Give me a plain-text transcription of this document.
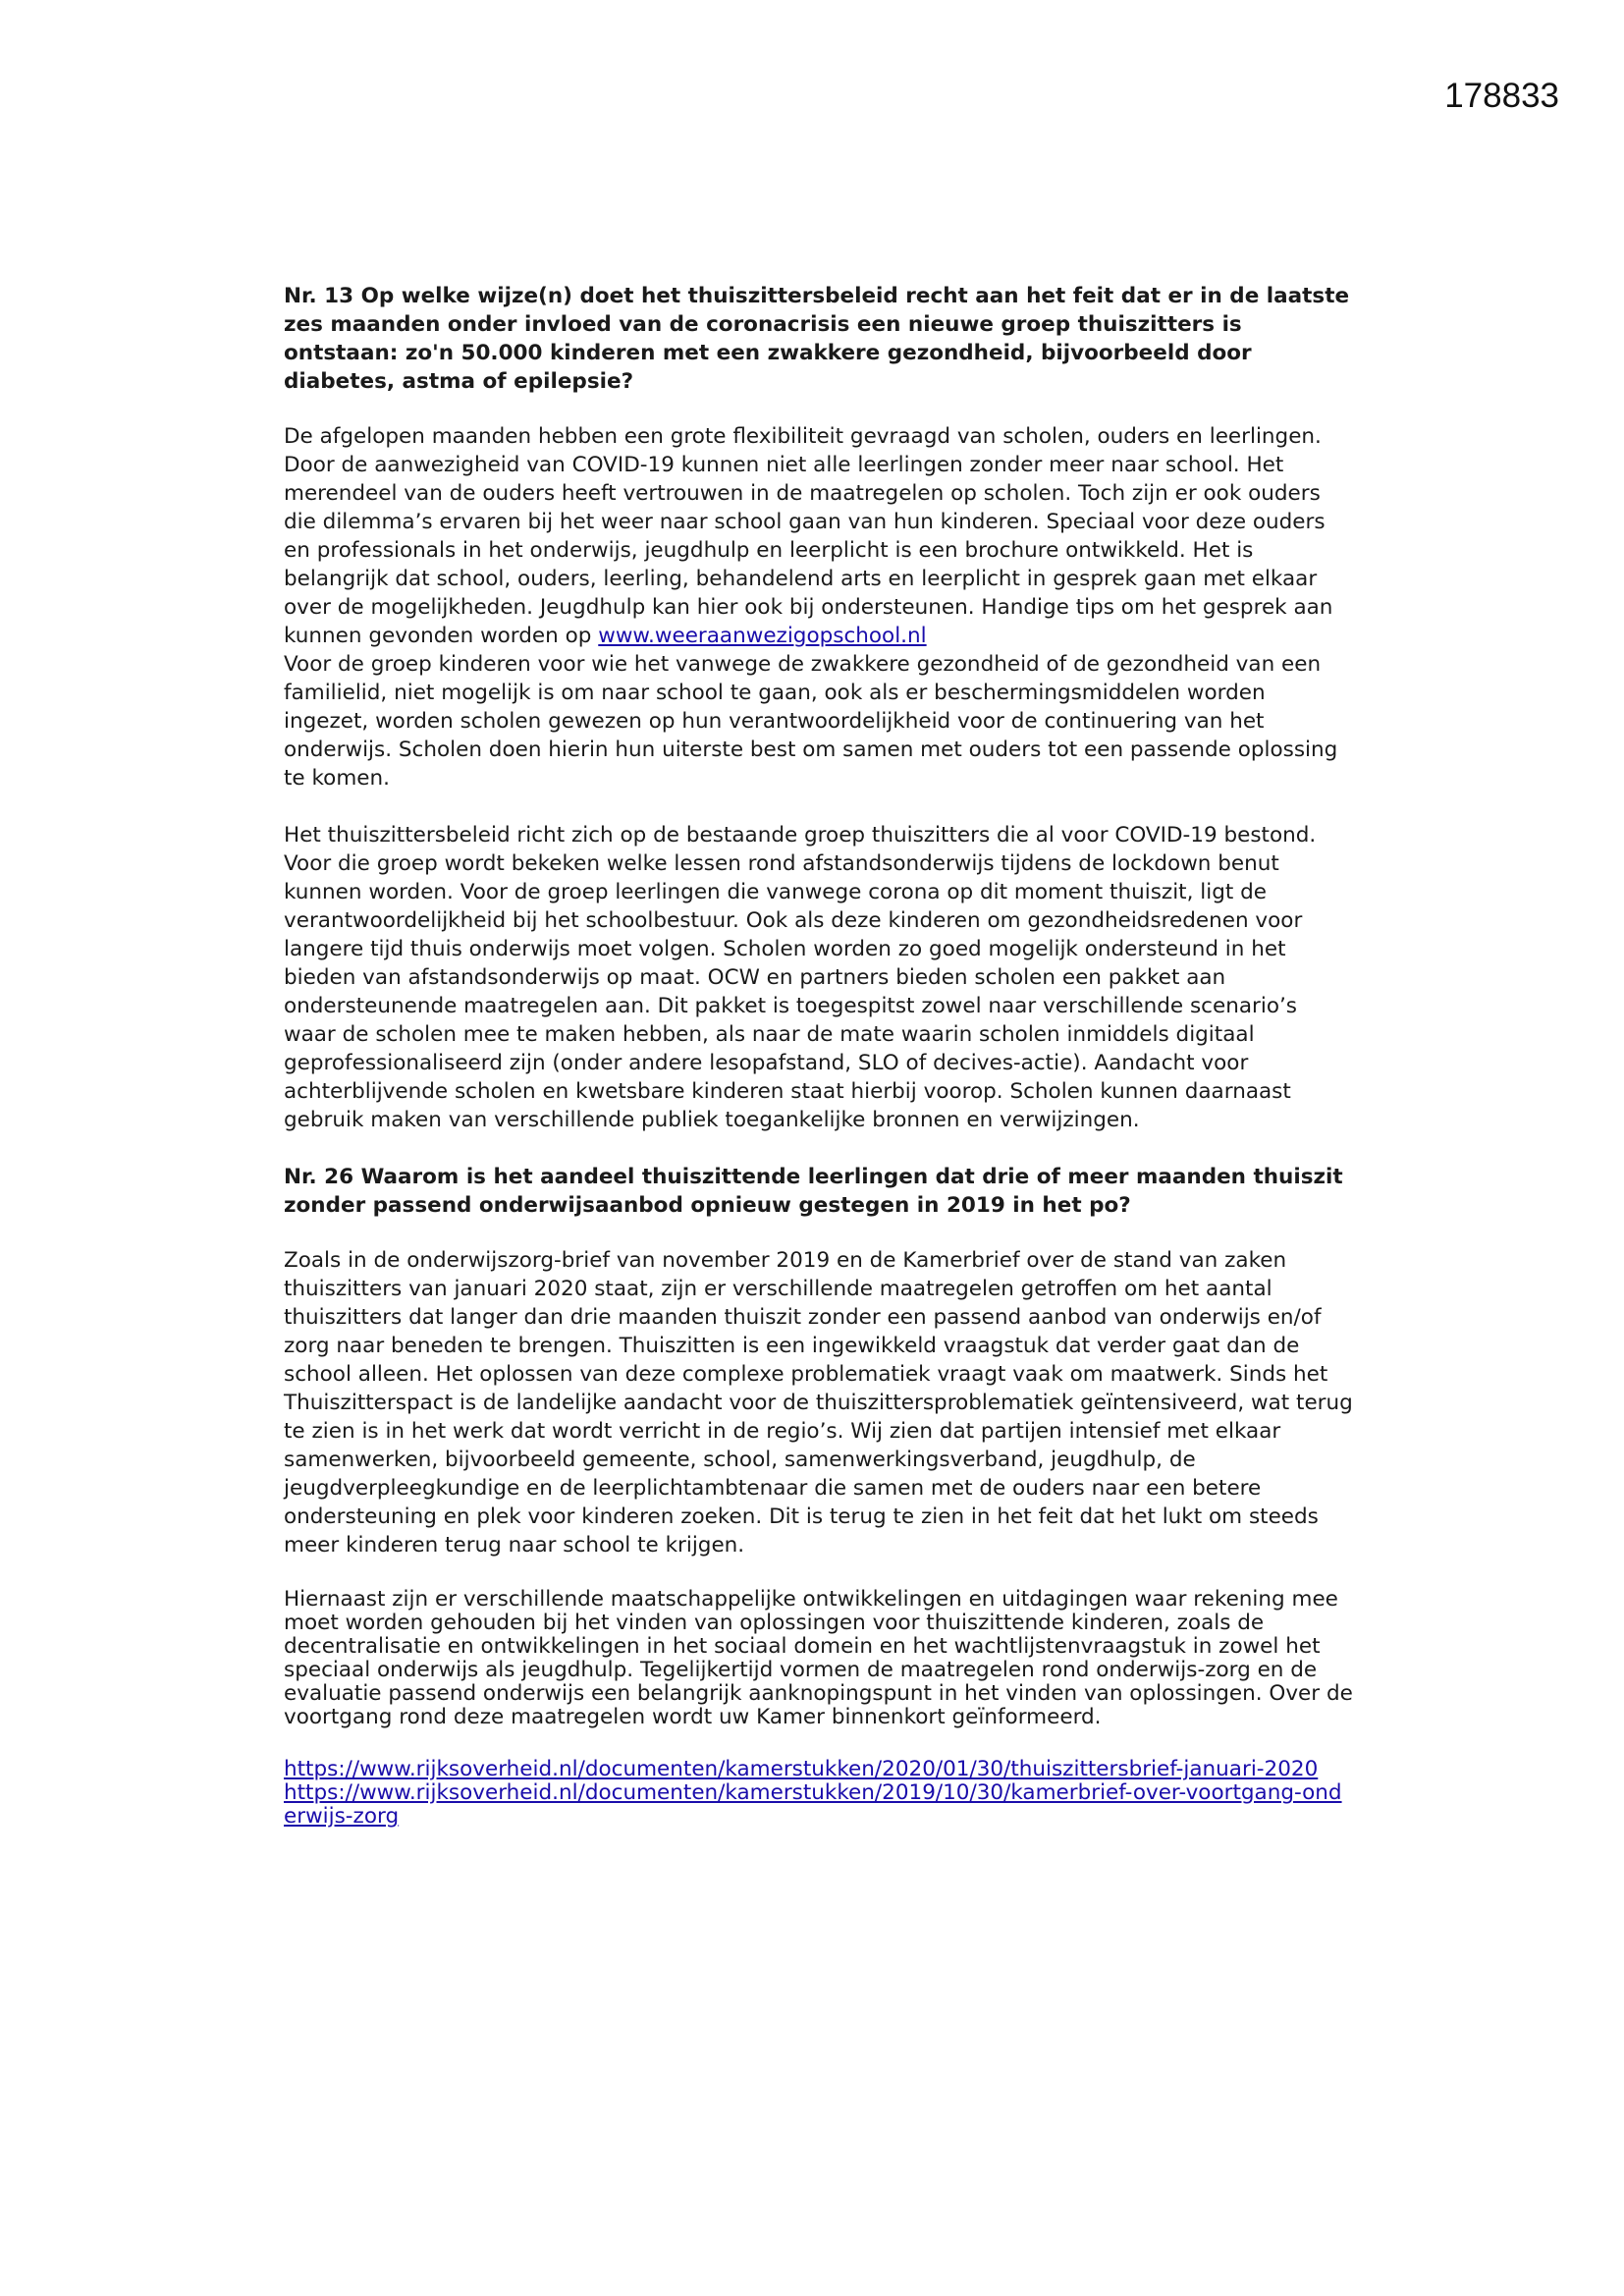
178833

Nr. 13 Op welke wijze(n) doet het thuiszittersbeleid recht aan het feit dat er in de laatste zes maanden onder invloed van de coronacrisis een nieuwe groep thuiszitters is ontstaan: zo'n 50.000 kinderen met een zwakkere gezondheid, bijvoorbeeld door diabetes, astma of epilepsie?

De afgelopen maanden hebben een grote flexibiliteit gevraagd van scholen, ouders en leerlingen. Door de aanwezigheid van COVID-19 kunnen niet alle leerlingen zonder meer naar school. Het merendeel van de ouders heeft vertrouwen in de maatregelen op scholen. Toch zijn er ook ouders die dilemma’s ervaren bij het weer naar school gaan van hun kinderen. Speciaal voor deze ouders en professionals in het onderwijs, jeugdhulp en leerplicht is een brochure ontwikkeld. Het is belangrijk dat school, ouders, leerling, behandelend arts en leerplicht in gesprek gaan met elkaar over de mogelijkheden. Jeugdhulp kan hier ook bij ondersteunen. Handige tips om het gesprek aan kunnen gevonden worden op www.weeraanwezigopschool.nl

Voor de groep kinderen voor wie het vanwege de zwakkere gezondheid of de gezondheid van een familielid, niet mogelijk is om naar school te gaan, ook als er beschermingsmiddelen worden ingezet, worden scholen gewezen op hun verantwoordelijkheid voor de continuering van het onderwijs. Scholen doen hierin hun uiterste best om samen met ouders tot een passende oplossing te komen.

Het thuiszittersbeleid richt zich op de bestaande groep thuiszitters die al voor COVID-19 bestond. Voor die groep wordt bekeken welke lessen rond afstandsonderwijs tijdens de lockdown benut kunnen worden. Voor de groep leerlingen die vanwege corona op dit moment thuiszit, ligt de verantwoordelijkheid bij het schoolbestuur. Ook als deze kinderen om gezondheidsredenen voor langere tijd thuis onderwijs moet volgen. Scholen worden zo goed mogelijk ondersteund in het bieden van afstandsonderwijs op maat. OCW en partners bieden scholen een pakket aan ondersteunende maatregelen aan. Dit pakket is toegespitst zowel naar verschillende scenario’s waar de scholen mee te maken hebben, als naar de mate waarin scholen inmiddels digitaal geprofessionaliseerd zijn (onder andere lesopafstand, SLO of decives-actie). Aandacht voor achterblijvende scholen en kwetsbare kinderen staat hierbij voorop. Scholen kunnen daarnaast gebruik maken van verschillende publiek toegankelijke bronnen en verwijzingen.

Nr. 26 Waarom is het aandeel thuiszittende leerlingen dat drie of meer maanden thuiszit zonder passend onderwijsaanbod opnieuw gestegen in 2019 in het po?

Zoals in de onderwijszorg-brief van november 2019 en de Kamerbrief over de stand van zaken thuiszitters van januari 2020 staat, zijn er verschillende maatregelen getroffen om het aantal thuiszitters dat langer dan drie maanden thuiszit zonder een passend aanbod van onderwijs en/of zorg naar beneden te brengen. Thuiszitten is een ingewikkeld vraagstuk dat verder gaat dan de school alleen. Het oplossen van deze complexe problematiek vraagt vaak om maatwerk. Sinds het Thuiszitterspact is de landelijke aandacht voor de thuiszittersproblematiek geïntensiveerd, wat terug te zien is in het werk dat wordt verricht in de regio’s. Wij zien dat partijen intensief met elkaar samenwerken, bijvoorbeeld gemeente, school, samenwerkingsverband, jeugdhulp, de jeugdverpleegkundige en de leerplichtambtenaar die samen met de ouders naar een betere ondersteuning en plek voor kinderen zoeken. Dit is terug te zien in het feit dat het lukt om steeds meer kinderen terug naar school te krijgen.

Hiernaast zijn er verschillende maatschappelijke ontwikkelingen en uitdagingen waar rekening mee moet worden gehouden bij het vinden van oplossingen voor thuiszittende kinderen, zoals de decentralisatie en ontwikkelingen in het sociaal domein en het wachtlijstenvraagstuk in zowel het speciaal onderwijs als jeugdhulp. Tegelijkertijd vormen de maatregelen rond onderwijs-zorg en de evaluatie passend onderwijs een belangrijk aanknopingspunt in het vinden van oplossingen. Over de voortgang rond deze maatregelen wordt uw Kamer binnenkort geïnformeerd.

https://www.rijksoverheid.nl/documenten/kamerstukken/2020/01/30/thuiszittersbrief-januari-2020
https://www.rijksoverheid.nl/documenten/kamerstukken/2019/10/30/kamerbrief-over-voortgang-onderwijs-zorg
